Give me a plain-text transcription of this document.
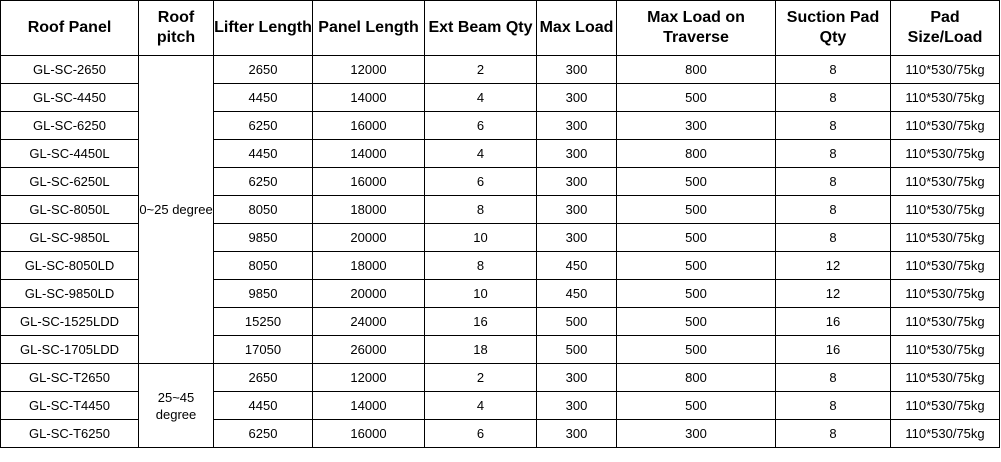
Roof Panel	Roof pitch	Lifter Length	Panel Length	Ext Beam Qty	Max Load	Max Load on Traverse	Suction Pad Qty	Pad Size/Load
GL-SC-2650	0~25 degree	2650	12000	2	300	800	8	110*530/75kg
GL-SC-4450		4450	14000	4	300	500	8	110*530/75kg
GL-SC-6250		6250	16000	6	300	300	8	110*530/75kg
GL-SC-4450L		4450	14000	4	300	800	8	110*530/75kg
GL-SC-6250L		6250	16000	6	300	500	8	110*530/75kg
GL-SC-8050L		8050	18000	8	300	500	8	110*530/75kg
GL-SC-9850L		9850	20000	10	300	500	8	110*530/75kg
GL-SC-8050LD		8050	18000	8	450	500	12	110*530/75kg
GL-SC-9850LD		9850	20000	10	450	500	12	110*530/75kg
GL-SC-1525LDD		15250	24000	16	500	500	16	110*530/75kg
GL-SC-1705LDD		17050	26000	18	500	500	16	110*530/75kg
GL-SC-T2650	25~45 degree	2650	12000	2	300	800	8	110*530/75kg
GL-SC-T4450		4450	14000	4	300	500	8	110*530/75kg
GL-SC-T6250		6250	16000	6	300	300	8	110*530/75kg
